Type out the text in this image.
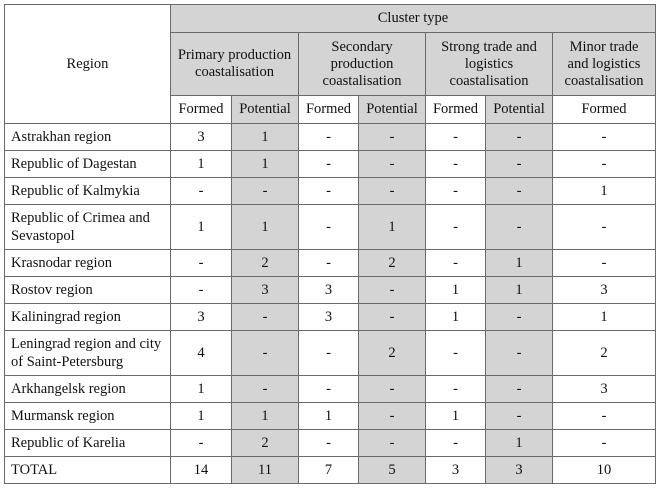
Region	Cluster type						
	Primary production coastalisation		Secondary production coastalisation		Strong trade and logistics coastalisation		Minor trade and logistics coastalisation
	Formed	Potential	Formed	Potential	Formed	Potential	Formed
Astrakhan region	3	1	-	-	-	-	-
Republic of Dagestan	1	1	-	-	-	-	-
Republic of Kalmykia	-	-	-	-	-	-	1
Republic of Crimea and Sevastopol	1	1	-	1	-	-	-
Krasnodar region	-	2	-	2	-	1	-
Rostov region	-	3	3	-	1	1	3
Kaliningrad region	3	-	3	-	1	-	1
Leningrad region and city of Saint-Petersburg	4	-	-	2	-	-	2
Arkhangelsk region	1	-	-	-	-	-	3
Murmansk region	1	1	1	-	1	-	-
Republic of Karelia	-	2	-	-	-	1	-
TOTAL	14	11	7	5	3	3	10
